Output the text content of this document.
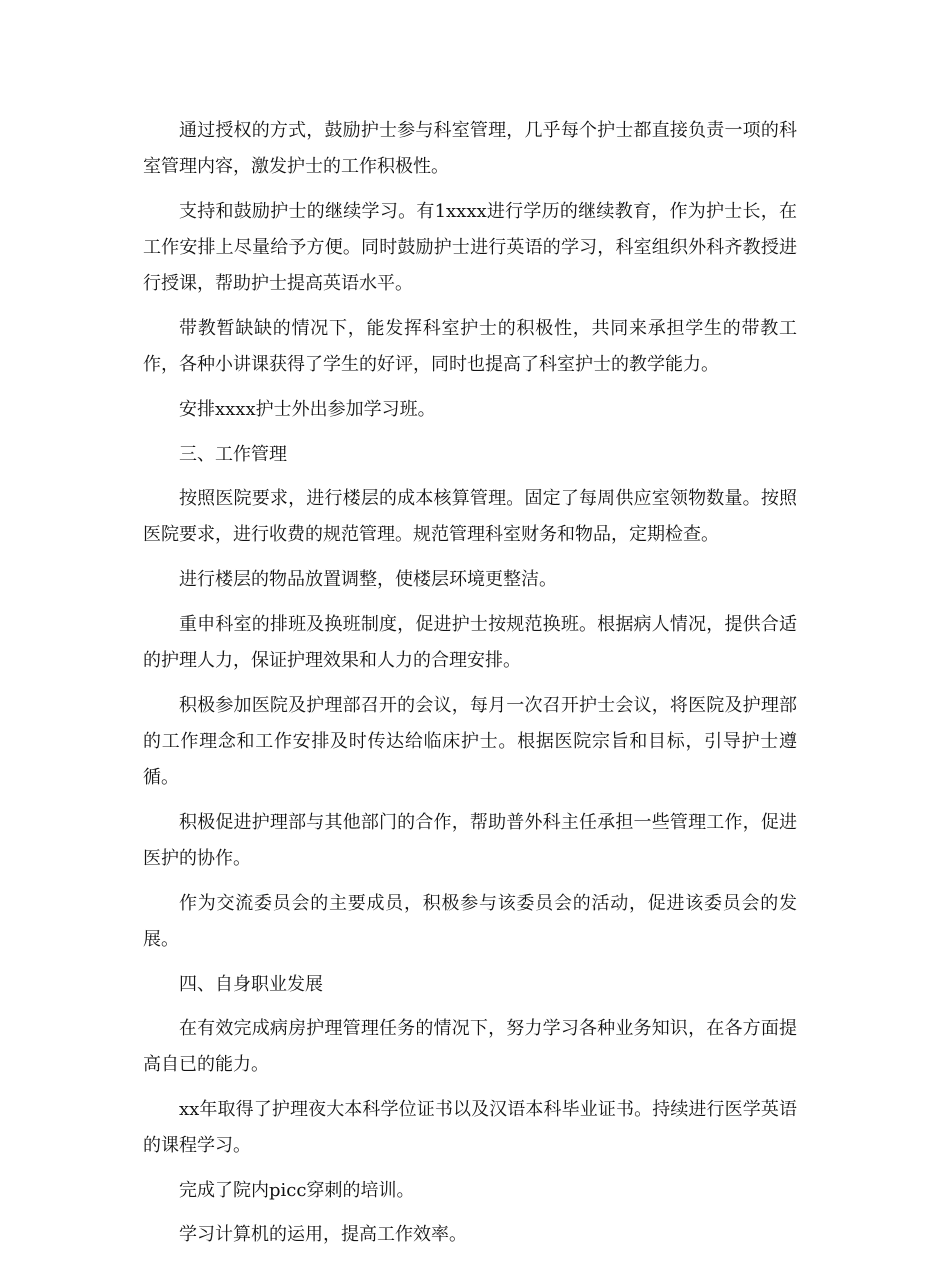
通过授权的方式，鼓励护士参与科室管理，几乎每个护士都直接负责一项的科室管理内容，激发护士的工作积极性。

支持和鼓励护士的继续学习。有1xxxx进行学历的继续教育，作为护士长，在工作安排上尽量给予方便。同时鼓励护士进行英语的学习，科室组织外科齐教授进行授课，帮助护士提高英语水平。

带教暂缺缺的情况下，能发挥科室护士的积极性，共同来承担学生的带教工作，各种小讲课获得了学生的好评，同时也提高了科室护士的教学能力。

安排xxxx护士外出参加学习班。

三、工作管理

按照医院要求，进行楼层的成本核算管理。固定了每周供应室领物数量。按照医院要求，进行收费的规范管理。规范管理科室财务和物品，定期检查。

进行楼层的物品放置调整，使楼层环境更整洁。

重申科室的排班及换班制度，促进护士按规范换班。根据病人情况，提供合适的护理人力，保证护理效果和人力的合理安排。

积极参加医院及护理部召开的会议，每月一次召开护士会议，将医院及护理部的工作理念和工作安排及时传达给临床护士。根据医院宗旨和目标，引导护士遵循。

积极促进护理部与其他部门的合作，帮助普外科主任承担一些管理工作，促进医护的协作。

作为交流委员会的主要成员，积极参与该委员会的活动，促进该委员会的发展。

四、自身职业发展

在有效完成病房护理管理任务的情况下，努力学习各种业务知识，在各方面提高自已的能力。

xx年取得了护理夜大本科学位证书以及汉语本科毕业证书。持续进行医学英语的课程学习。

完成了院内picc穿刺的培训。

学习计算机的运用，提高工作效率。
